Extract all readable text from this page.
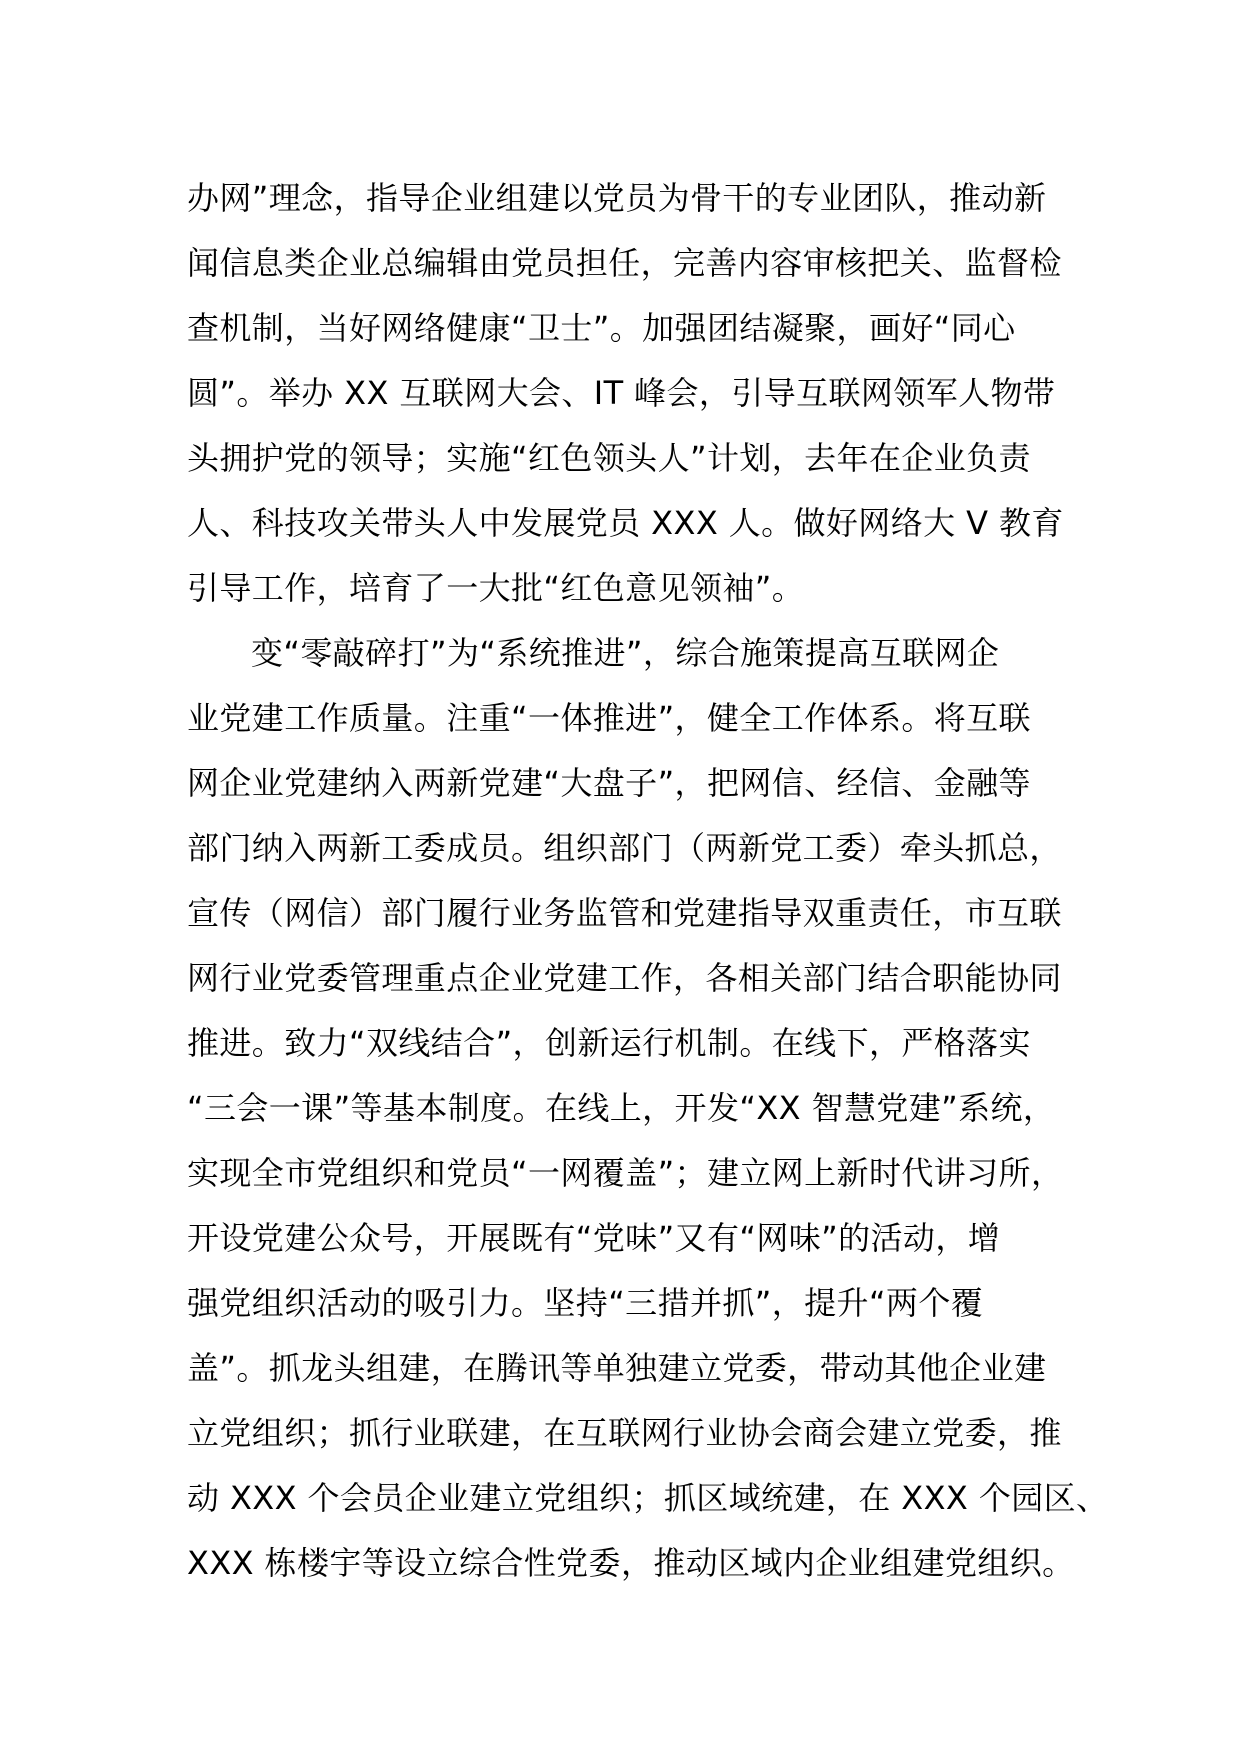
办网”理念，指导企业组建以党员为骨干的专业团队，推动新
闻信息类企业总编辑由党员担任，完善内容审核把关、监督检
查机制，当好网络健康“卫士”。加强团结凝聚，画好“同心
圆”。举办 XX 互联网大会、IT 峰会，引导互联网领军人物带
头拥护党的领导；实施“红色领头人”计划，去年在企业负责
人、科技攻关带头人中发展党员 XXX 人。做好网络大 V 教育
引导工作，培育了一大批“红色意见领袖”。
变“零敲碎打”为“系统推进”，综合施策提高互联网企
业党建工作质量。注重“一体推进”，健全工作体系。将互联
网企业党建纳入两新党建“大盘子”，把网信、经信、金融等
部门纳入两新工委成员。组织部门（两新党工委）牵头抓总，
宣传（网信）部门履行业务监管和党建指导双重责任，市互联
网行业党委管理重点企业党建工作，各相关部门结合职能协同
推进。致力“双线结合”，创新运行机制。在线下，严格落实
“三会一课”等基本制度。在线上，开发“XX 智慧党建”系统，
实现全市党组织和党员“一网覆盖”；建立网上新时代讲习所，
开设党建公众号，开展既有“党味”又有“网味”的活动，增
强党组织活动的吸引力。坚持“三措并抓”，提升“两个覆
盖”。抓龙头组建，在腾讯等单独建立党委，带动其他企业建
立党组织；抓行业联建，在互联网行业协会商会建立党委，推
动 XXX 个会员企业建立党组织；抓区域统建，在 XXX 个园区、
XXX 栋楼宇等设立综合性党委，推动区域内企业组建党组织。
